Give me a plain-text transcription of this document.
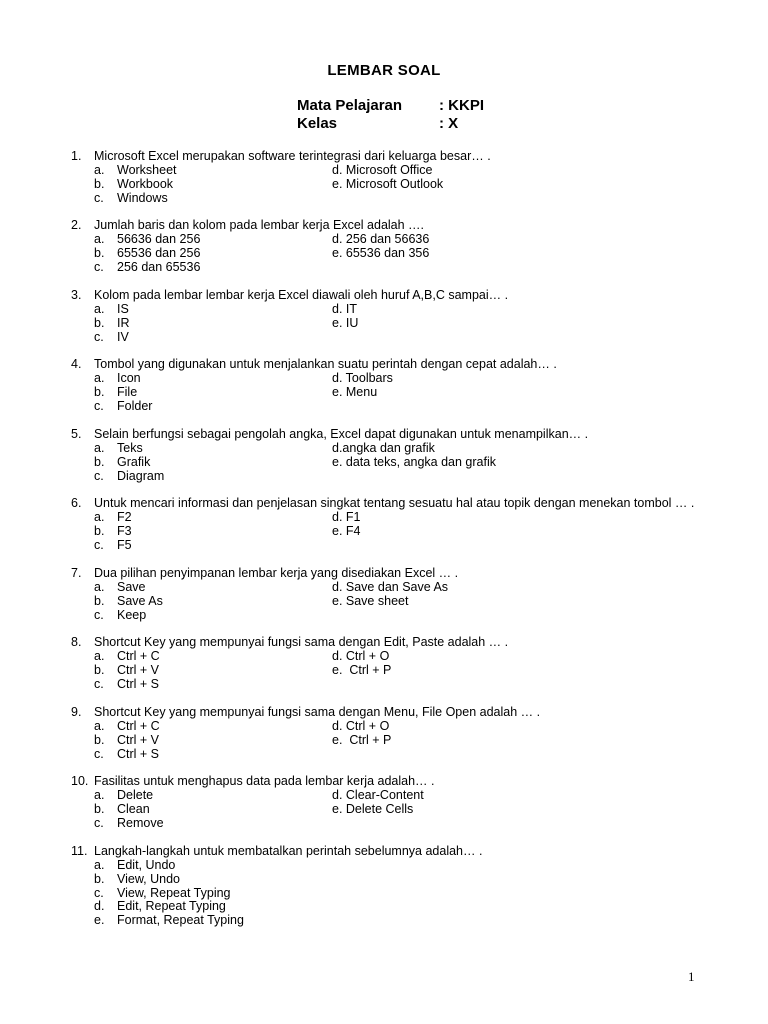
LEMBAR SOAL
Mata Pelajaran : KKPI
Kelas	: X
1.	Microsoft Excel merupakan software terintegrasi dari keluarga besar… .
a.	Worksheet
b.	Workbook
c.	Windows
d. Microsoft Office
e. Microsoft Outlook
2.	Jumlah baris dan kolom pada lembar kerja Excel adalah ….
a.	56636 dan 256
b.	65536 dan 256
c.	256 dan 65536
d. 256 dan 56636
e. 65536 dan 356
3.	Kolom pada lembar lembar kerja Excel diawali oleh huruf A,B,C sampai… .
a.	IS
b.	IR
c.	IV
d. IT
e. IU
4.	Tombol yang digunakan untuk menjalankan suatu perintah dengan cepat adalah… .
a.	Icon
b.	File
c.	Folder
d. Toolbars
e. Menu
5.	Selain berfungsi sebagai pengolah angka, Excel dapat digunakan untuk menampilkan… .
a.	Teks
b.	Grafik
c.	Diagram
d.angka dan grafik
e. data teks, angka dan grafik
6.	Untuk mencari informasi dan penjelasan singkat tentang sesuatu hal atau topik dengan menekan tombol … .
a.	F2
b.	F3
c.	F5
d. F1
e. F4
7.	Dua pilihan penyimpanan lembar kerja yang disediakan Excel … .
a.	Save
b.	Save As
c.	Keep
d. Save dan Save As
e. Save sheet
8.	Shortcut Key yang mempunyai fungsi sama dengan Edit, Paste adalah … .
a.	Ctrl + C
b.	Ctrl + V
c.	Ctrl + S
d. Ctrl + O
e.  Ctrl + P
9.	Shortcut Key yang mempunyai fungsi sama dengan Menu, File Open adalah … .
a.	Ctrl + C
b.	Ctrl + V
c.	Ctrl + S
d. Ctrl + O
e.  Ctrl + P
10. Fasilitas untuk menghapus data pada lembar kerja adalah… .
a.	Delete
b.	Clean
c.	Remove
d. Clear-Content
e. Delete Cells
11. Langkah-langkah untuk membatalkan perintah sebelumnya adalah… .
a.	Edit, Undo
b.	View, Undo
c.	View, Repeat Typing
d.	Edit, Repeat Typing
e.	Format, Repeat Typing
1
